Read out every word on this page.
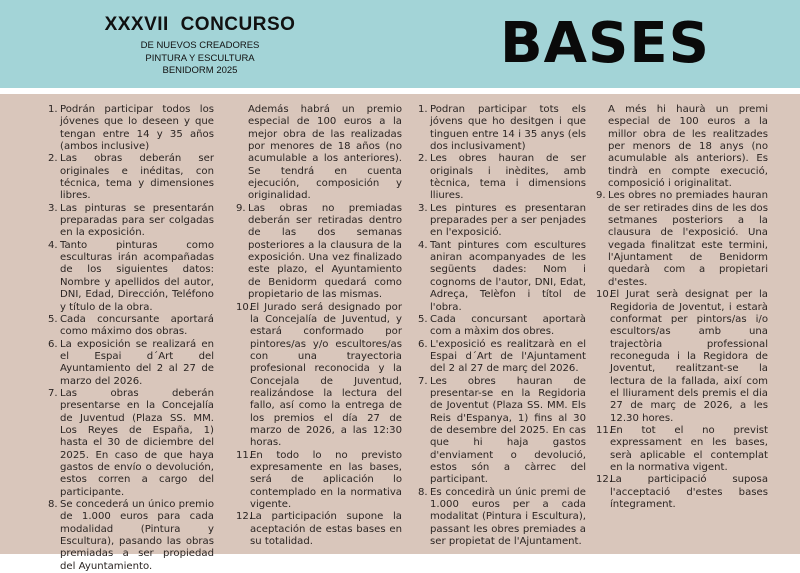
XXXVII CONCURSO
DE NUEVOS CREADORES
PINTURA Y ESCULTURA
BENIDORM 2025	BASES
1. Podrán participar todos los jóvenes que lo deseen y que tengan entre 14 y 35 años (ambos inclusive)
2. Las obras deberán ser originales e inéditas, con técnica, tema y dimensiones libres.
3. Las pinturas se presentarán preparadas para ser colgadas en la exposición.
4. Tanto pinturas como esculturas irán acompañadas de los siguientes datos: Nombre y apellidos del autor, DNI, Edad, Dirección, Teléfono y título de la obra.
5. Cada concursante aportará como máximo dos obras.
6. La exposición se realizará en el Espai d´Art del Ayuntamiento del 2 al 27 de marzo del 2026.
7. Las obras deberán presentarse en la Concejalía de Juventud (Plaza SS. MM. Los Reyes de España, 1) hasta el 30 de diciembre del 2025. En caso de que haya gastos de envío o devolución, estos corren a cargo del participante.
8. Se concederá un único premio de 1.000 euros para cada modalidad (Pintura y Escultura), pasando las obras premiadas a ser propiedad del Ayuntamiento.

Además habrá un premio especial de 100 euros a la mejor obra de las realizadas por menores de 18 años (no acumulable a los anteriores). Se tendrá en cuenta ejecución, composición y originalidad.

9. Las obras no premiadas deberán ser retiradas dentro de las dos semanas posteriores a la clausura de la exposición. Una vez finalizado este plazo, el Ayuntamiento de Benidorm quedará como propietario de las mismas.
10.
El Jurado será designado por la Concejalía de Juventud, y estará conformado por pintores/as y/o escultores/as con una trayectoria profesional reconocida y la Concejala de Juventud, realizándose la lectura del fallo, así como la entrega de los premios el día 27 de marzo de 2026, a las 12:30 horas.
11.
En todo lo no previsto expresamente en las bases, será de aplicación lo contemplado en la normativa vigente.
12.
La participación supone la aceptación de estas bases en su totalidad.
1. Podran participar tots els jóvens que ho desitgen i que tinguen entre 14 i 35 anys (els dos inclusivament)
2. Les obres hauran de ser originals i inèdites, amb tècnica, tema i dimensions lliures.
3. Les pintures es presentaran preparades per a ser penjades en l'exposició.
4. Tant pintures com escultures aniran acompanyades de les següents dades: Nom i cognoms de l'autor, DNI, Edat, Adreça, Telèfon i títol de l'obra.
5. Cada concursant aportarà com a màxim dos obres.
6. L'exposició es realitzarà en el Espai d´Art de l'Ajuntament del 2 al 27 de març del 2026.
7. Les obres hauran de presentar-se en la Regidoria de Joventut (Plaza SS. MM. Els Reis d'Espanya, 1) fins al 30 de desembre del 2025. En cas que hi haja gastos d'enviament o devolució, estos són a càrrec del participant.
8. Es concedirà un únic premi de 1.000 euros per a cada modalitat (Pintura i Escultura), passant les obres premiades a ser propietat de l'Ajuntament.

A més hi haurà un premi especial de 100 euros a la millor obra de les realitzades per menors de 18 anys (no acumulable als anteriors). Es tindrà en compte execució, composició i originalitat.

9. Les obres no premiades hauran de ser retirades dins de les dos setmanes posteriors a la clausura de l'exposició. Una vegada finalitzat este termini, l'Ajuntament de Benidorm quedarà com a propietari d'estes.
10.
El Jurat serà designat per la Regidoria de Joventut, i estarà conformat per pintors/as i/o escultors/as amb una trajectòria professional reconeguda i la Regidora de Joventut, realitzant-se la lectura de la fallada, així com el lliurament dels premis el dia 27 de març de 2026, a les 12.30 hores.
11.
En tot el no previst expressament en les bases, serà aplicable el contemplat en la normativa vigent.
12.
La participació suposa l'acceptació d'estes bases íntegrament.
